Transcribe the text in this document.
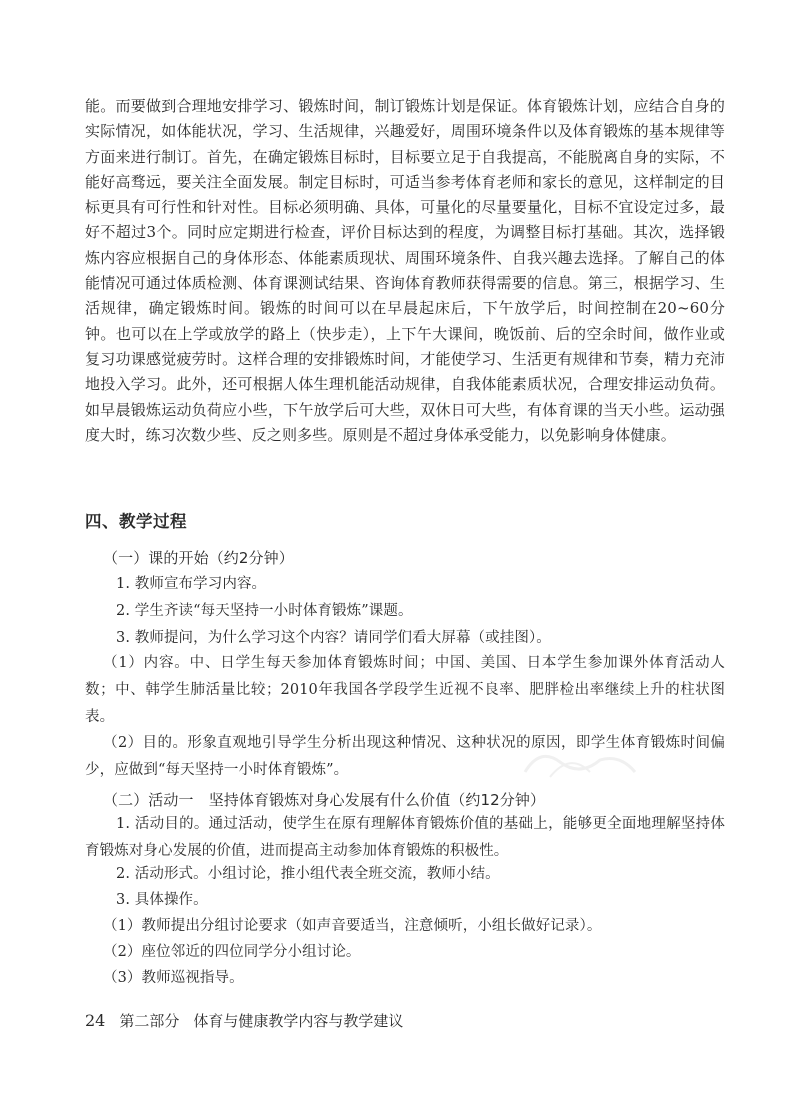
能。而要做到合理地安排学习、锻炼时间，制订锻炼计划是保证。体育锻炼计划，应结合自身的实际情况，如体能状况，学习、生活规律，兴趣爱好，周围环境条件以及体育锻炼的基本规律等方面来进行制订。首先，在确定锻炼目标时，目标要立足于自我提高，不能脱离自身的实际，不能好高骛远，要关注全面发展。制定目标时，可适当参考体育老师和家长的意见，这样制定的目标更具有可行性和针对性。目标必须明确、具体，可量化的尽量要量化，目标不宜设定过多，最好不超过3个。同时应定期进行检查，评价目标达到的程度，为调整目标打基础。其次，选择锻炼内容应根据自己的身体形态、体能素质现状、周围环境条件、自我兴趣去选择。了解自己的体能情况可通过体质检测、体育课测试结果、咨询体育教师获得需要的信息。第三，根据学习、生活规律，确定锻炼时间。锻炼的时间可以在早晨起床后，下午放学后，时间控制在20~60分钟。也可以在上学或放学的路上（快步走），上下午大课间，晚饭前、后的空余时间，做作业或复习功课感觉疲劳时。这样合理的安排锻炼时间，才能使学习、生活更有规律和节奏，精力充沛地投入学习。此外，还可根据人体生理机能活动规律，自我体能素质状况，合理安排运动负荷。如早晨锻炼运动负荷应小些，下午放学后可大些，双休日可大些，有体育课的当天小些。运动强度大时，练习次数少些、反之则多些。原则是不超过身体承受能力，以免影响身体健康。

四、教学过程

（一）课的开始（约2分钟）

1. 教师宣布学习内容。

2. 学生齐读“每天坚持一小时体育锻炼”课题。

3. 教师提问，为什么学习这个内容？请同学们看大屏幕（或挂图）。

（1）内容。中、日学生每天参加体育锻炼时间；中国、美国、日本学生参加课外体育活动人数；中、韩学生肺活量比较；2010年我国各学段学生近视不良率、肥胖检出率继续上升的柱状图表。

（2）目的。形象直观地引导学生分析出现这种情况、这种状况的原因，即学生体育锻炼时间偏少，应做到“每天坚持一小时体育锻炼”。

（二）活动一　坚持体育锻炼对身心发展有什么价值（约12分钟）

1. 活动目的。通过活动，使学生在原有理解体育锻炼价值的基础上，能够更全面地理解坚持体育锻炼对身心发展的价值，进而提高主动参加体育锻炼的积极性。

2. 活动形式。小组讨论，推小组代表全班交流，教师小结。

3. 具体操作。

（1）教师提出分组讨论要求（如声音要适当，注意倾听，小组长做好记录）。

（2）座位邻近的四位同学分小组讨论。

（3）教师巡视指导。

24 第二部分 体育与健康教学内容与教学建议
